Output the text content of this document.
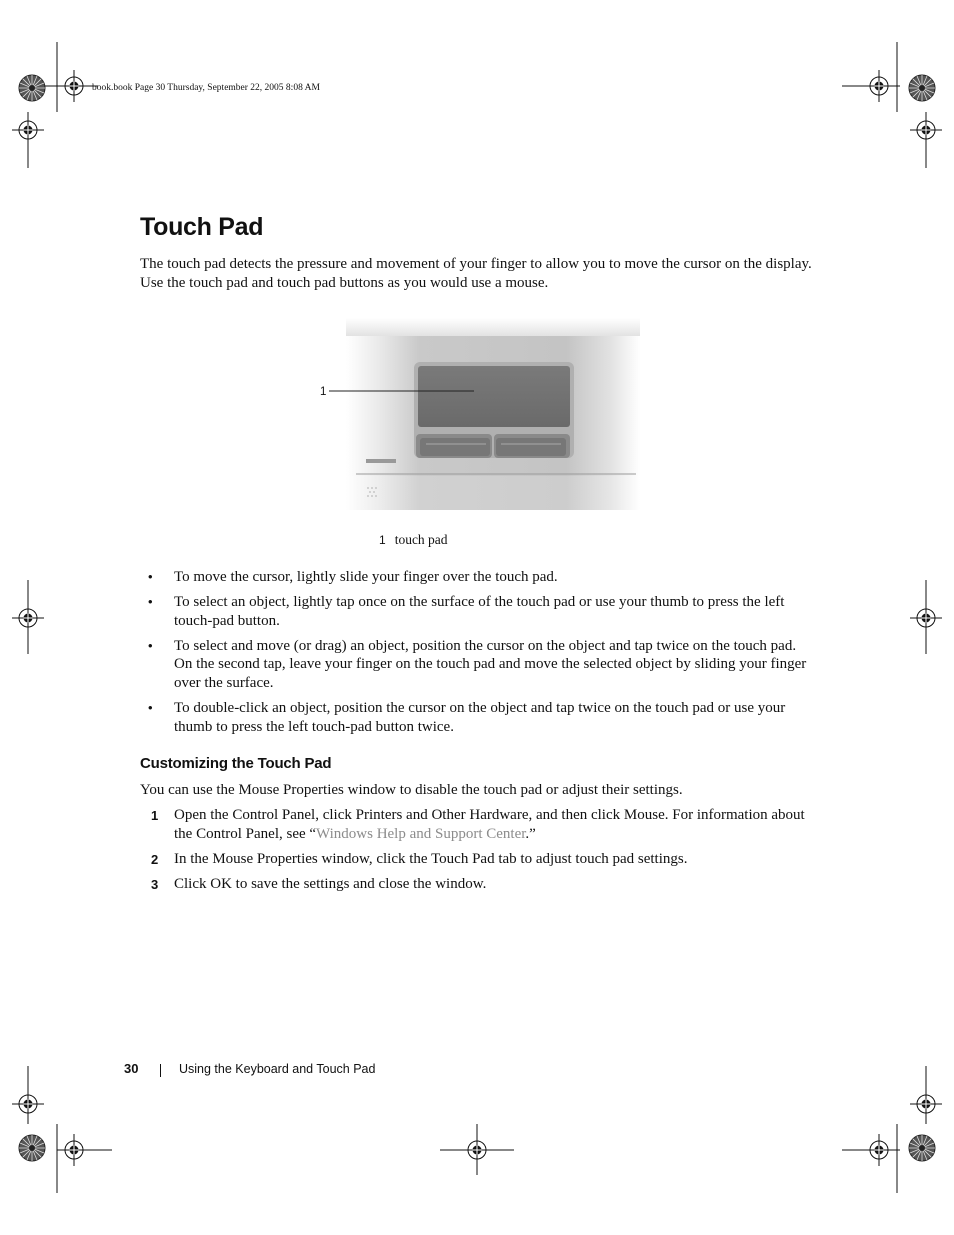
book.book Page 30 Thursday, September 22, 2005 8:08 AM
Touch Pad
The touch pad detects the pressure and movement of your finger to allow you to move the cursor on the display. Use the touch pad and touch pad buttons as you would use a mouse.
1
1 touch pad
• To move the cursor, lightly slide your finger over the touch pad.
• To select an object, lightly tap once on the surface of the touch pad or use your thumb to press the left touch-pad button.
• To select and move (or drag) an object, position the cursor on the object and tap twice on the touch pad. On the second tap, leave your finger on the touch pad and move the selected object by sliding your finger over the surface.
• To double-click an object, position the cursor on the object and tap twice on the touch pad or use your thumb to press the left touch-pad button twice.
Customizing the Touch Pad
You can use the Mouse Properties window to disable the touch pad or adjust their settings.
1 Open the Control Panel, click Printers and Other Hardware, and then click Mouse. For information about the Control Panel, see “Windows Help and Support Center.”
2 In the Mouse Properties window, click the Touch Pad tab to adjust touch pad settings.
3 Click OK to save the settings and close the window.
30	Using the Keyboard and Touch Pad
